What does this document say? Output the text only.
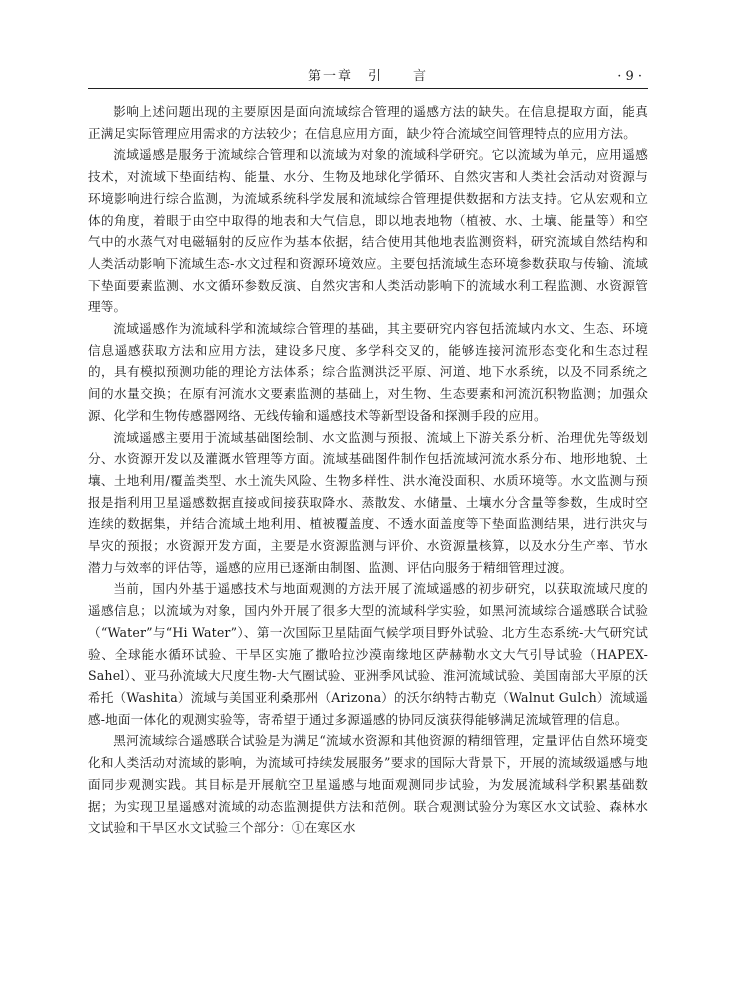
第一章　引　　言	· 9 ·

影响上述问题出现的主要原因是面向流域综合管理的遥感方法的缺失。在信息提取方面，能真正满足实际管理应用需求的方法较少；在信息应用方面，缺少符合流域空间管理特点的应用方法。

流域遥感是服务于流域综合管理和以流域为对象的流域科学研究。它以流域为单元，应用遥感技术，对流域下垫面结构、能量、水分、生物及地球化学循环、自然灾害和人类社会活动对资源与环境影响进行综合监测，为流域系统科学发展和流域综合管理提供数据和方法支持。它从宏观和立体的角度，着眼于由空中取得的地表和大气信息，即以地表地物（植被、水、土壤、能量等）和空气中的水蒸气对电磁辐射的反应作为基本依据，结合使用其他地表监测资料，研究流域自然结构和人类活动影响下流域生态-水文过程和资源环境效应。主要包括流域生态环境参数获取与传输、流域下垫面要素监测、水文循环参数反演、自然灾害和人类活动影响下的流域水利工程监测、水资源管理等。

流域遥感作为流域科学和流域综合管理的基础，其主要研究内容包括流域内水文、生态、环境信息遥感获取方法和应用方法，建设多尺度、多学科交叉的，能够连接河流形态变化和生态过程的，具有模拟预测功能的理论方法体系；综合监测洪泛平原、河道、地下水系统，以及不同系统之间的水量交换；在原有河流水文要素监测的基础上，对生物、生态要素和河流沉积物监测；加强众源、化学和生物传感器网络、无线传输和遥感技术等新型设备和探测手段的应用。

流域遥感主要用于流域基础图绘制、水文监测与预报、流域上下游关系分析、治理优先等级划分、水资源开发以及灌溉水管理等方面。流域基础图件制作包括流域河流水系分布、地形地貌、土壤、土地利用/覆盖类型、水土流失风险、生物多样性、洪水淹没面积、水质环境等。水文监测与预报是指利用卫星遥感数据直接或间接获取降水、蒸散发、水储量、土壤水分含量等参数，生成时空连续的数据集，并结合流域土地利用、植被覆盖度、不透水面盖度等下垫面监测结果，进行洪灾与旱灾的预报；水资源开发方面，主要是水资源监测与评价、水资源量核算，以及水分生产率、节水潜力与效率的评估等，遥感的应用已逐渐由制图、监测、评估向服务于精细管理过渡。

当前，国内外基于遥感技术与地面观测的方法开展了流域遥感的初步研究，以获取流域尺度的遥感信息；以流域为对象，国内外开展了很多大型的流域科学实验，如黑河流域综合遥感联合试验（“Water”与“Hi Water”）、第一次国际卫星陆面气候学项目野外试验、北方生态系统-大气研究试验、全球能水循环试验、干旱区实施了撒哈拉沙漠南缘地区萨赫勒水文大气引导试验（HAPEX-Sahel）、亚马孙流域大尺度生物-大气圈试验、亚洲季风试验、淮河流域试验、美国南部大平原的沃希托（Washita）流域与美国亚利桑那州（Arizona）的沃尔纳特古勒克（Walnut Gulch）流域遥感-地面一体化的观测实验等，寄希望于通过多源遥感的协同反演获得能够满足流域管理的信息。

黑河流域综合遥感联合试验是为满足“流域水资源和其他资源的精细管理，定量评估自然环境变化和人类活动对流域的影响，为流域可持续发展服务”要求的国际大背景下，开展的流域级遥感与地面同步观测实践。其目标是开展航空卫星遥感与地面观测同步试验，为发展流域科学积累基础数据；为实现卫星遥感对流域的动态监测提供方法和范例。联合观测试验分为寒区水文试验、森林水文试验和干旱区水文试验三个部分：①在寒区水
